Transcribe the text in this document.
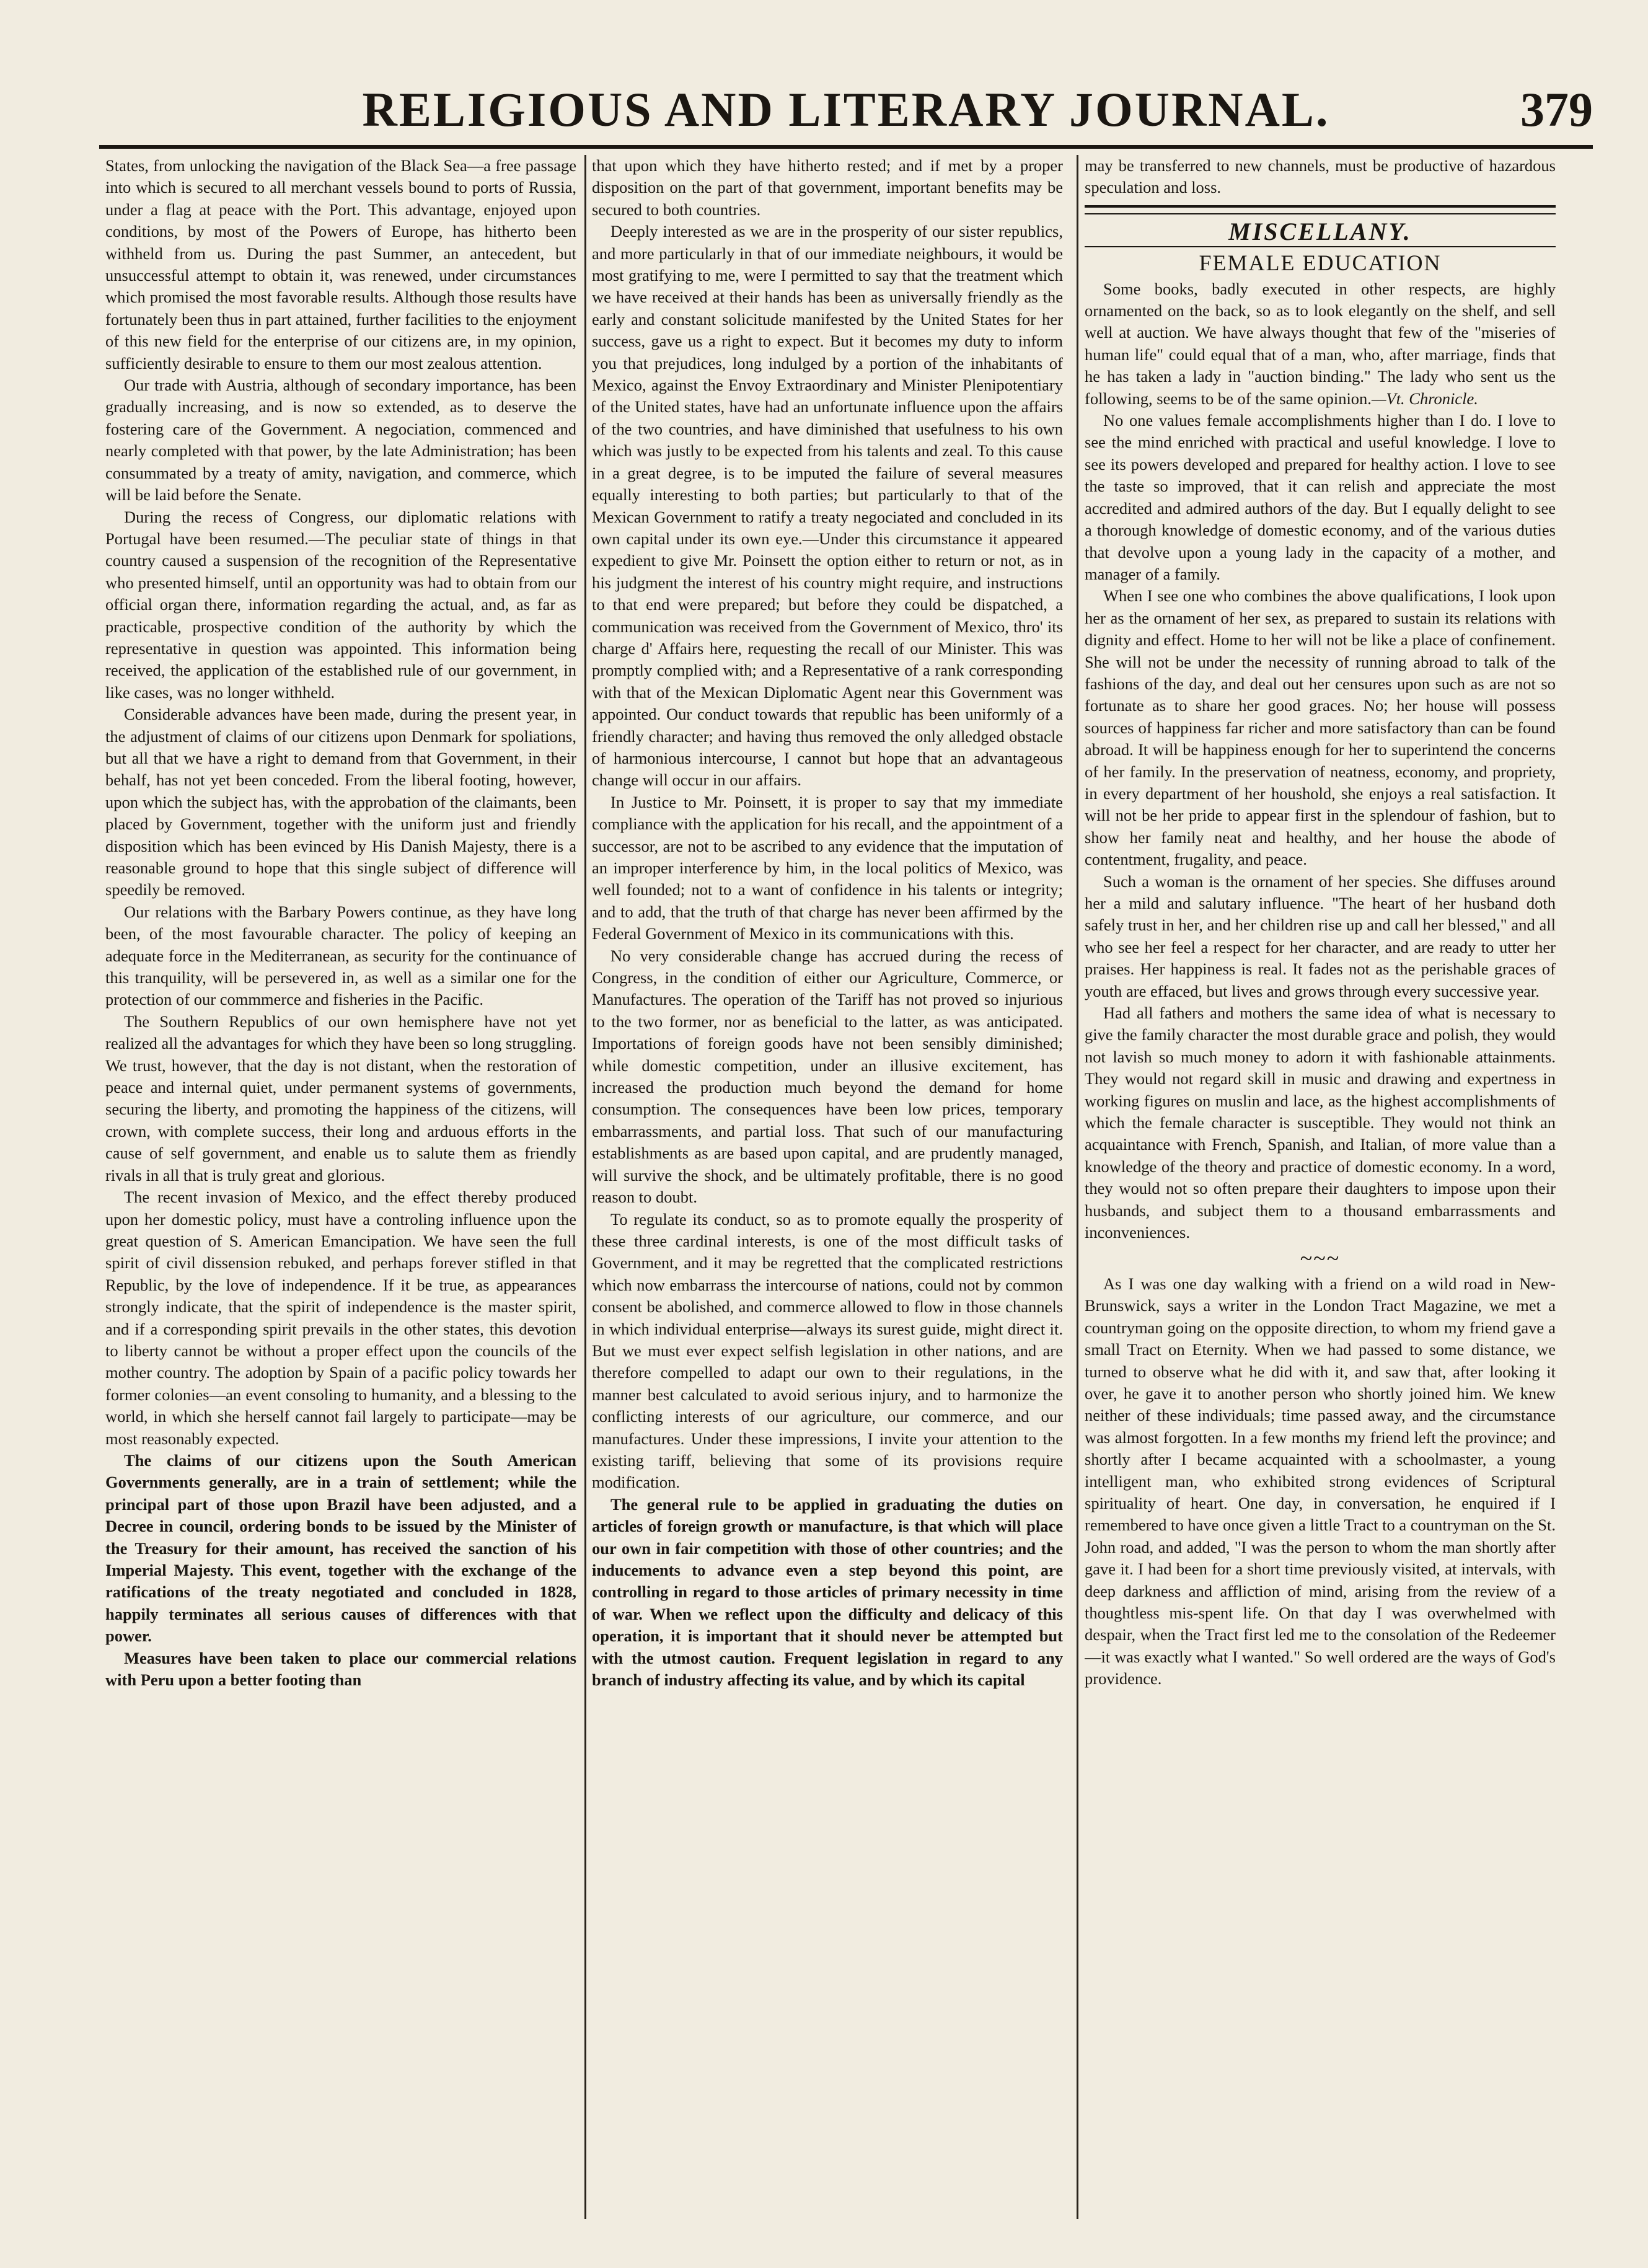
RELIGIOUS AND LITERARY JOURNAL.	379

States, from unlocking the navigation of the Black Sea—a free passage into which is secured to all merchant vessels bound to ports of Russia, under a flag at peace with the Port. This advantage, enjoyed upon conditions, by most of the Powers of Europe, has hitherto been withheld from us. During the past Summer, an antecedent, but unsuccessful attempt to obtain it, was renewed, under circumstances which promised the most favorable results. Although those results have fortunately been thus in part attained, further facilities to the enjoyment of this new field for the enterprise of our citizens are, in my opinion, sufficiently desirable to ensure to them our most zealous attention.

Our trade with Austria, although of secondary importance, has been gradually increasing, and is now so extended, as to deserve the fostering care of the Government. A negociation, commenced and nearly completed with that power, by the late Administration; has been consummated by a treaty of amity, navigation, and commerce, which will be laid before the Senate.

During the recess of Congress, our diplomatic relations with Portugal have been resumed.—The peculiar state of things in that country caused a suspension of the recognition of the Representative who presented himself, until an opportunity was had to obtain from our official organ there, information regarding the actual, and, as far as practicable, prospective condition of the authority by which the representative in question was appointed. This information being received, the application of the established rule of our government, in like cases, was no longer withheld.

Considerable advances have been made, during the present year, in the adjustment of claims of our citizens upon Denmark for spoliations, but all that we have a right to demand from that Government, in their behalf, has not yet been conceded. From the liberal footing, however, upon which the subject has, with the approbation of the claimants, been placed by Government, together with the uniform just and friendly disposition which has been evinced by His Danish Majesty, there is a reasonable ground to hope that this single subject of difference will speedily be removed.

Our relations with the Barbary Powers continue, as they have long been, of the most favourable character. The policy of keeping an adequate force in the Mediterranean, as security for the continuance of this tranquility, will be persevered in, as well as a similar one for the protection of our commmerce and fisheries in the Pacific.

The Southern Republics of our own hemisphere have not yet realized all the advantages for which they have been so long struggling. We trust, however, that the day is not distant, when the restoration of peace and internal quiet, under permanent systems of governments, securing the liberty, and promoting the happiness of the citizens, will crown, with complete success, their long and arduous efforts in the cause of self government, and enable us to salute them as friendly rivals in all that is truly great and glorious.

The recent invasion of Mexico, and the effect thereby produced upon her domestic policy, must have a controling influence upon the great question of S. American Emancipation. We have seen the full spirit of civil dissension rebuked, and perhaps forever stifled in that Republic, by the love of independence. If it be true, as appearances strongly indicate, that the spirit of independence is the master spirit, and if a corresponding spirit prevails in the other states, this devotion to liberty cannot be without a proper effect upon the councils of the mother country. The adoption by Spain of a pacific policy towards her former colonies—an event consoling to humanity, and a blessing to the world, in which she herself cannot fail largely to participate—may be most reasonably expected.

The claims of our citizens upon the South American Governments generally, are in a train of settlement; while the principal part of those upon Brazil have been adjusted, and a Decree in council, ordering bonds to be issued by the Minister of the Treasury for their amount, has received the sanction of his Imperial Majesty. This event, together with the exchange of the ratifications of the treaty negotiated and concluded in 1828, happily terminates all serious causes of differences with that power.

Measures have been taken to place our commercial relations with Peru upon a better footing than

that upon which they have hitherto rested; and if met by a proper disposition on the part of that government, important benefits may be secured to both countries.

Deeply interested as we are in the prosperity of our sister republics, and more particularly in that of our immediate neighbours, it would be most gratifying to me, were I permitted to say that the treatment which we have received at their hands has been as universally friendly as the early and constant solicitude manifested by the United States for her success, gave us a right to expect. But it becomes my duty to inform you that prejudices, long indulged by a portion of the inhabitants of Mexico, against the Envoy Extraordinary and Minister Plenipotentiary of the United states, have had an unfortunate influence upon the affairs of the two countries, and have diminished that usefulness to his own which was justly to be expected from his talents and zeal. To this cause in a great degree, is to be imputed the failure of several measures equally interesting to both parties; but particularly to that of the Mexican Government to ratify a treaty negociated and concluded in its own capital under its own eye.—Under this circumstance it appeared expedient to give Mr. Poinsett the option either to return or not, as in his judgment the interest of his country might require, and instructions to that end were prepared; but before they could be dispatched, a communication was received from the Government of Mexico, thro' its charge d' Affairs here, requesting the recall of our Minister. This was promptly complied with; and a Representative of a rank corresponding with that of the Mexican Diplomatic Agent near this Government was appointed. Our conduct towards that republic has been uniformly of a friendly character; and having thus removed the only alledged obstacle of harmonious intercourse, I cannot but hope that an advantageous change will occur in our affairs.

In Justice to Mr. Poinsett, it is proper to say that my immediate compliance with the application for his recall, and the appointment of a successor, are not to be ascribed to any evidence that the imputation of an improper interference by him, in the local politics of Mexico, was well founded; not to a want of confidence in his talents or integrity; and to add, that the truth of that charge has never been affirmed by the Federal Government of Mexico in its communications with this.

No very considerable change has accrued during the recess of Congress, in the condition of either our Agriculture, Commerce, or Manufactures. The operation of the Tariff has not proved so injurious to the two former, nor as beneficial to the latter, as was anticipated. Importations of foreign goods have not been sensibly diminished; while domestic competition, under an illusive excitement, has increased the production much beyond the demand for home consumption. The consequences have been low prices, temporary embarrassments, and partial loss. That such of our manufacturing establishments as are based upon capital, and are prudently managed, will survive the shock, and be ultimately profitable, there is no good reason to doubt.

To regulate its conduct, so as to promote equally the prosperity of these three cardinal interests, is one of the most difficult tasks of Government, and it may be regretted that the complicated restrictions which now embarrass the intercourse of nations, could not by common consent be abolished, and commerce allowed to flow in those channels in which individual enterprise—always its surest guide, might direct it. But we must ever expect selfish legislation in other nations, and are therefore compelled to adapt our own to their regulations, in the manner best calculated to avoid serious injury, and to harmonize the conflicting interests of our agriculture, our commerce, and our manufactures. Under these impressions, I invite your attention to the existing tariff, believing that some of its provisions require modification.

The general rule to be applied in graduating the duties on articles of foreign growth or manufacture, is that which will place our own in fair competition with those of other countries; and the inducements to advance even a step beyond this point, are controlling in regard to those articles of primary necessity in time of war. When we reflect upon the difficulty and delicacy of this operation, it is important that it should never be attempted but with the utmost caution. Frequent legislation in regard to any branch of industry affecting its value, and by which its capital

may be transferred to new channels, must be productive of hazardous speculation and loss.

MISCELLANY.
FEMALE EDUCATION

Some books, badly executed in other respects, are highly ornamented on the back, so as to look elegantly on the shelf, and sell well at auction. We have always thought that few of the "miseries of human life" could equal that of a man, who, after marriage, finds that he has taken a lady in "auction binding." The lady who sent us the following, seems to be of the same opinion.—Vt. Chronicle.

No one values female accomplishments higher than I do. I love to see the mind enriched with practical and useful knowledge. I love to see its powers developed and prepared for healthy action. I love to see the taste so improved, that it can relish and appreciate the most accredited and admired authors of the day. But I equally delight to see a thorough knowledge of domestic economy, and of the various duties that devolve upon a young lady in the capacity of a mother, and manager of a family.

When I see one who combines the above qualifications, I look upon her as the ornament of her sex, as prepared to sustain its relations with dignity and effect. Home to her will not be like a place of confinement. She will not be under the necessity of running abroad to talk of the fashions of the day, and deal out her censures upon such as are not so fortunate as to share her good graces. No; her house will possess sources of happiness far richer and more satisfactory than can be found abroad. It will be happiness enough for her to superintend the concerns of her family. In the preservation of neatness, economy, and propriety, in every department of her houshold, she enjoys a real satisfaction. It will not be her pride to appear first in the splendour of fashion, but to show her family neat and healthy, and her house the abode of contentment, frugality, and peace.

Such a woman is the ornament of her species. She diffuses around her a mild and salutary influence. "The heart of her husband doth safely trust in her, and her children rise up and call her blessed," and all who see her feel a respect for her character, and are ready to utter her praises. Her happiness is real. It fades not as the perishable graces of youth are effaced, but lives and grows through every successive year.

Had all fathers and mothers the same idea of what is necessary to give the family character the most durable grace and polish, they would not lavish so much money to adorn it with fashionable attainments. They would not regard skill in music and drawing and expertness in working figures on muslin and lace, as the highest accomplishments of which the female character is susceptible. They would not think an acquaintance with French, Spanish, and Italian, of more value than a knowledge of the theory and practice of domestic economy. In a word, they would not so often prepare their daughters to impose upon their husbands, and subject them to a thousand embarrassments and inconveniences.

~~~

As I was one day walking with a friend on a wild road in New-Brunswick, says a writer in the London Tract Magazine, we met a countryman going on the opposite direction, to whom my friend gave a small Tract on Eternity. When we had passed to some distance, we turned to observe what he did with it, and saw that, after looking it over, he gave it to another person who shortly joined him. We knew neither of these individuals; time passed away, and the circumstance was almost forgotten. In a few months my friend left the province; and shortly after I became acquainted with a schoolmaster, a young intelligent man, who exhibited strong evidences of Scriptural spirituality of heart. One day, in conversation, he enquired if I remembered to have once given a little Tract to a countryman on the St. John road, and added, "I was the person to whom the man shortly after gave it. I had been for a short time previously visited, at intervals, with deep darkness and affliction of mind, arising from the review of a thoughtless mis-spent life. On that day I was overwhelmed with despair, when the Tract first led me to the consolation of the Redeemer—it was exactly what I wanted." So well ordered are the ways of God's providence.
